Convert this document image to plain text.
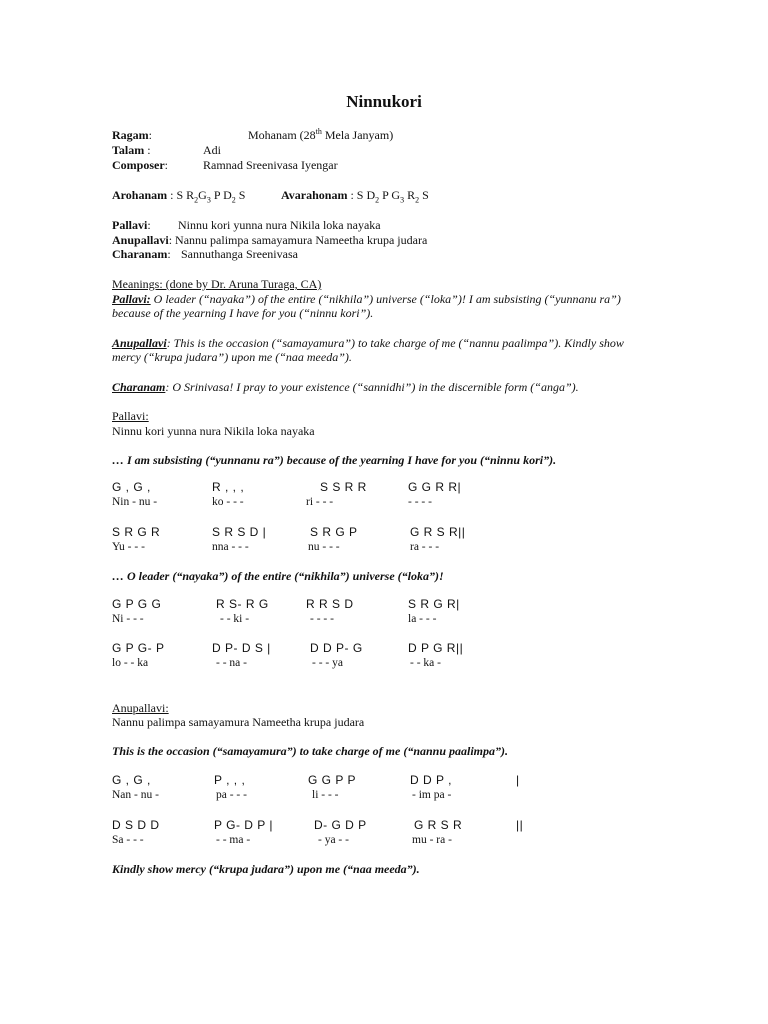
Ninnukori
Ragam:	Mohanam (28th Mela Janyam)
Talam :	Adi
Composer:	Ramnad Sreenivasa Iyengar
Arohanam : S $R_2G_3$ P $D_2$ S	Avarahonam : S $D_2$ P $G_3$ $R_2$ S
Pallavi: Ninnu kori yunna nura Nikila loka nayaka
Anupallavi: Nannu palimpa samayamura Nameetha krupa judara
Charanam: Sannuthanga Sreenivasa
Meanings: (done by Dr. Aruna Turaga, CA)
Pallavi: O leader (“nayaka”) of the entire (“nikhila”) universe (“loka”)! I am subsisting (“yunnanu ra”)
because of the yearning I have for you (“ninnu kori”).
Anupallavi: This is the occasion (“samayamura”) to take charge of me (“nannu paalimpa”). Kindly show
mercy (“krupa judara”) upon me (“naa meeda”).
Charanam: O Srinivasa! I pray to your existence (“sannidhi”) in the discernible form (“anga”).
Pallavi:
Ninnu kori yunna nura Nikila loka nayaka
… I am subsisting (“yunnanu ra”) because of the yearning I have for you (“ninnu kori”).
G , G ,	R , , ,	S S R R	G G R R|
Nin - nu -	ko - - -	ri - - -	- - - -
S R G R	S R S D |	S R G P	G R S R||
Yu - - -	nna - - -	nu - - -	ra - - -
… O leader (“nayaka”) of the entire (“nikhila”) universe (“loka”)!
G P G G	R S- R G	R R S D	S R G R|
Ni - - -	- - ki -	- - - -	la - - -
G P G- P	D P- D S |	D D P- G	D P G R||
lo - - ka	- - na -	- - - ya	- - ka -
Anupallavi:
Nannu palimpa samayamura Nameetha krupa judara
This is the occasion (“samayamura”) to take charge of me (“nannu paalimpa”).
G , G ,	P , , ,	G G P P	D D P ,	|
Nan - nu -	pa - - -	li - - -	- im pa -
D S D D	P G- D P |	D- G D P	G R S R	||
Sa - - -	- - ma -	- ya - -	mu - ra -
Kindly show mercy (“krupa judara”) upon me (“naa meeda”).
